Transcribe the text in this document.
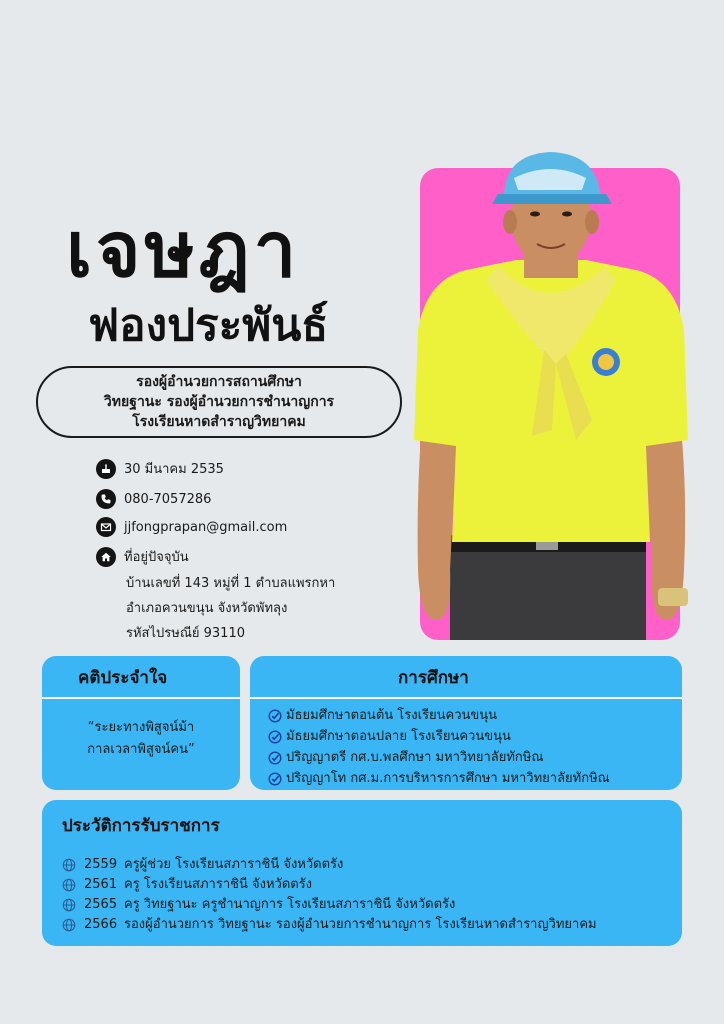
เจษฎา
ฟองประพันธ์
รองผู้อำนวยการสถานศึกษา
วิทยฐานะ รองผู้อำนวยการชำนาญการ
โรงเรียนหาดสำราญวิทยาคม
30 มีนาคม 2535
080-7057286
jjfongprapan@gmail.com
ที่อยู่ปัจจุบัน
บ้านเลขที่ 143 หมู่ที่ 1 ตำบลแพรกหา
อำเภอควนขนุน จังหวัดพัทลุง
รหัสไปรษณีย์ 93110
คติประจำใจ
“ระยะทางพิสูจน์ม้า
กาลเวลาพิสูจน์คน”
การศึกษา
มัธยมศึกษาตอนต้น โรงเรียนควนขนุน
มัธยมศึกษาตอนปลาย โรงเรียนควนขนุน
ปริญญาตรี กศ.บ.พลศึกษา มหาวิทยาลัยทักษิณ
ปริญญาโท กศ.ม.การบริหารการศึกษา มหาวิทยาลัยทักษิณ
ประวัติการรับราชการ
2559 ครูผู้ช่วย โรงเรียนสภาราชินี จังหวัดตรัง
2561 ครู โรงเรียนสภาราชินี จังหวัดตรัง
2565 ครู วิทยฐานะ ครูชำนาญการ โรงเรียนสภาราชินี จังหวัดตรัง
2566 รองผู้อำนวยการ วิทยฐานะ รองผู้อำนวยการชำนาญการ โรงเรียนหาดสำราญวิทยาคม
